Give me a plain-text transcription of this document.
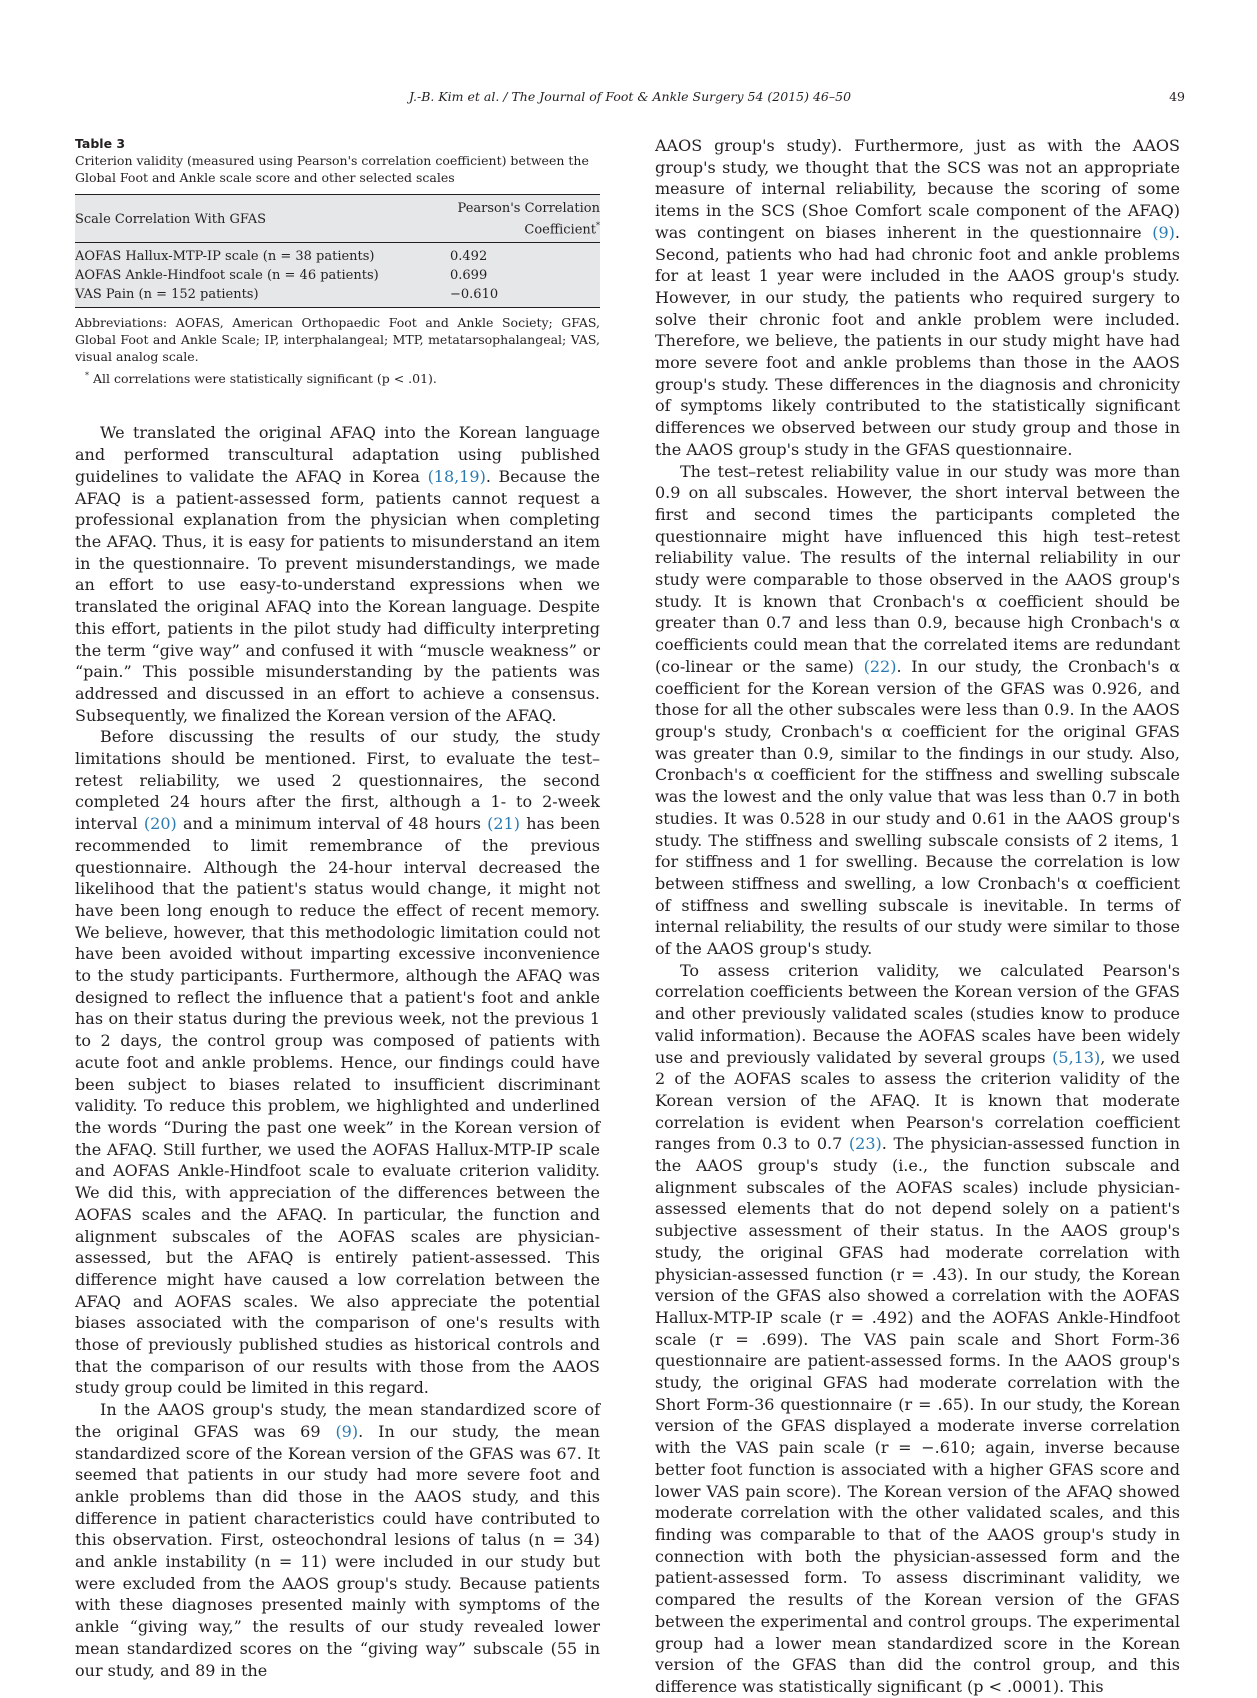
J.-B. Kim et al. / The Journal of Foot & Ankle Surgery 54 (2015) 46–50	49
Table 3
Criterion validity (measured using Pearson's correlation coefficient) between the Global Foot and Ankle scale score and other selected scales
Scale Correlation With GFAS	Pearson's Correlation Coefficient*
AOFAS Hallux-MTP-IP scale (n = 38 patients)	0.492
AOFAS Ankle-Hindfoot scale (n = 46 patients)	0.699
VAS Pain (n = 152 patients)	−0.610
Abbreviations: AOFAS, American Orthopaedic Foot and Ankle Society; GFAS, Global Foot and Ankle Scale; IP, interphalangeal; MTP, metatarsophalangeal; VAS, visual analog scale.
* All correlations were statistically significant (p < .01).

We translated the original AFAQ into the Korean language and performed transcultural adaptation using published guidelines to validate the AFAQ in Korea (18,19). Because the AFAQ is a patient-assessed form, patients cannot request a professional explanation from the physician when completing the AFAQ. Thus, it is easy for patients to misunderstand an item in the questionnaire. To prevent misunderstandings, we made an effort to use easy-to-understand expressions when we translated the original AFAQ into the Korean language. Despite this effort, patients in the pilot study had difficulty interpreting the term “give way” and confused it with “muscle weakness” or “pain.” This possible misunderstanding by the patients was addressed and discussed in an effort to achieve a consensus. Subsequently, we finalized the Korean version of the AFAQ.

Before discussing the results of our study, the study limitations should be mentioned. First, to evaluate the test–retest reliability, we used 2 questionnaires, the second completed 24 hours after the first, although a 1- to 2-week interval (20) and a minimum interval of 48 hours (21) has been recommended to limit remembrance of the previous questionnaire. Although the 24-hour interval decreased the likelihood that the patient's status would change, it might not have been long enough to reduce the effect of recent memory. We believe, however, that this methodologic limitation could not have been avoided without imparting excessive inconvenience to the study participants. Furthermore, although the AFAQ was designed to reflect the influence that a patient's foot and ankle has on their status during the previous week, not the previous 1 to 2 days, the control group was composed of patients with acute foot and ankle problems. Hence, our findings could have been subject to biases related to insufficient discriminant validity. To reduce this problem, we highlighted and underlined the words “During the past one week” in the Korean version of the AFAQ. Still further, we used the AOFAS Hallux-MTP-IP scale and AOFAS Ankle-Hindfoot scale to evaluate criterion validity. We did this, with appreciation of the differences between the AOFAS scales and the AFAQ. In particular, the function and alignment subscales of the AOFAS scales are physician-assessed, but the AFAQ is entirely patient-assessed. This difference might have caused a low correlation between the AFAQ and AOFAS scales. We also appreciate the potential biases associated with the comparison of one's results with those of previously published studies as historical controls and that the comparison of our results with those from the AAOS study group could be limited in this regard.

In the AAOS group's study, the mean standardized score of the original GFAS was 69 (9). In our study, the mean standardized score of the Korean version of the GFAS was 67. It seemed that patients in our study had more severe foot and ankle problems than did those in the AAOS study, and this difference in patient characteristics could have contributed to this observation. First, osteochondral lesions of talus (n = 34) and ankle instability (n = 11) were included in our study but were excluded from the AAOS group's study. Because patients with these diagnoses presented mainly with symptoms of the ankle “giving way,” the results of our study revealed lower mean standardized scores on the “giving way” subscale (55 in our study, and 89 in the

AAOS group's study). Furthermore, just as with the AAOS group's study, we thought that the SCS was not an appropriate measure of internal reliability, because the scoring of some items in the SCS (Shoe Comfort scale component of the AFAQ) was contingent on biases inherent in the questionnaire (9). Second, patients who had had chronic foot and ankle problems for at least 1 year were included in the AAOS group's study. However, in our study, the patients who required surgery to solve their chronic foot and ankle problem were included. Therefore, we believe, the patients in our study might have had more severe foot and ankle problems than those in the AAOS group's study. These differences in the diagnosis and chronicity of symptoms likely contributed to the statistically significant differences we observed between our study group and those in the AAOS group's study in the GFAS questionnaire.

The test–retest reliability value in our study was more than 0.9 on all subscales. However, the short interval between the first and second times the participants completed the questionnaire might have influenced this high test–retest reliability value. The results of the internal reliability in our study were comparable to those observed in the AAOS group's study. It is known that Cronbach's α coefficient should be greater than 0.7 and less than 0.9, because high Cronbach's α coefficients could mean that the correlated items are redundant (co-linear or the same) (22). In our study, the Cronbach's α coefficient for the Korean version of the GFAS was 0.926, and those for all the other subscales were less than 0.9. In the AAOS group's study, Cronbach's α coefficient for the original GFAS was greater than 0.9, similar to the findings in our study. Also, Cronbach's α coefficient for the stiffness and swelling subscale was the lowest and the only value that was less than 0.7 in both studies. It was 0.528 in our study and 0.61 in the AAOS group's study. The stiffness and swelling subscale consists of 2 items, 1 for stiffness and 1 for swelling. Because the correlation is low between stiffness and swelling, a low Cronbach's α coefficient of stiffness and swelling subscale is inevitable. In terms of internal reliability, the results of our study were similar to those of the AAOS group's study.

To assess criterion validity, we calculated Pearson's correlation coefficients between the Korean version of the GFAS and other previously validated scales (studies know to produce valid information). Because the AOFAS scales have been widely use and previously validated by several groups (5,13), we used 2 of the AOFAS scales to assess the criterion validity of the Korean version of the AFAQ. It is known that moderate correlation is evident when Pearson's correlation coefficient ranges from 0.3 to 0.7 (23). The physician-assessed function in the AAOS group's study (i.e., the function subscale and alignment subscales of the AOFAS scales) include physician-assessed elements that do not depend solely on a patient's subjective assessment of their status. In the AAOS group's study, the original GFAS had moderate correlation with physician-assessed function (r = .43). In our study, the Korean version of the GFAS also showed a correlation with the AOFAS Hallux-MTP-IP scale (r = .492) and the AOFAS Ankle-Hindfoot scale (r = .699). The VAS pain scale and Short Form-36 questionnaire are patient-assessed forms. In the AAOS group's study, the original GFAS had moderate correlation with the Short Form-36 questionnaire (r = .65). In our study, the Korean version of the GFAS displayed a moderate inverse correlation with the VAS pain scale (r = −.610; again, inverse because better foot function is associated with a higher GFAS score and lower VAS pain score). The Korean version of the AFAQ showed moderate correlation with the other validated scales, and this finding was comparable to that of the AAOS group's study in connection with both the physician-assessed form and the patient-assessed form. To assess discriminant validity, we compared the results of the Korean version of the GFAS between the experimental and control groups. The experimental group had a lower mean standardized score in the Korean version of the GFAS than did the control group, and this difference was statistically significant (p < .0001). This
